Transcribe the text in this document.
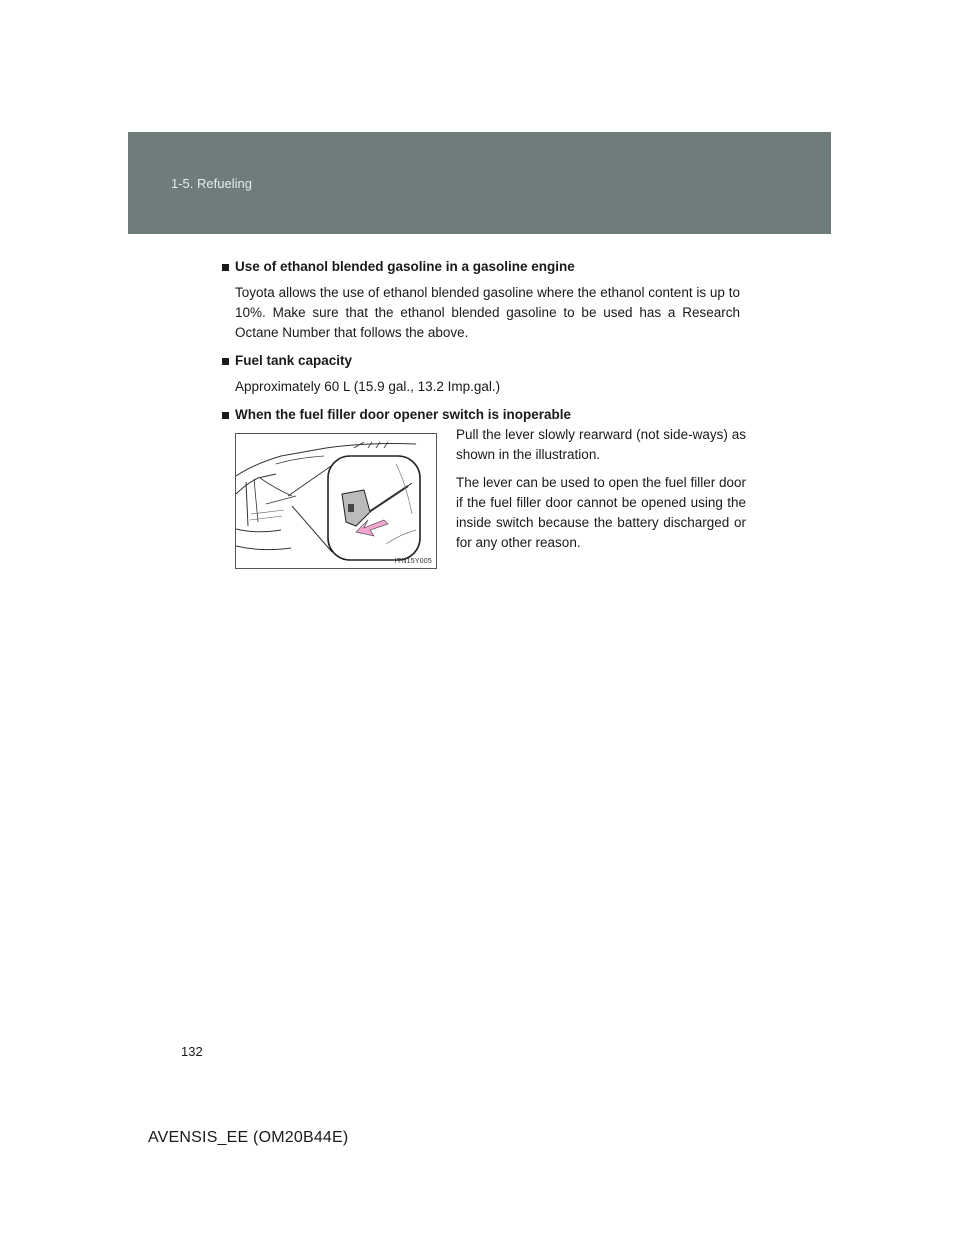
1-5. Refueling
Use of ethanol blended gasoline in a gasoline engine
Toyota allows the use of ethanol blended gasoline where the ethanol content is up to 10%. Make sure that the ethanol blended gasoline to be used has a Research Octane Number that follows the above.
Fuel tank capacity
Approximately 60 L (15.9 gal., 13.2 Imp.gal.)
When the fuel filler door opener switch is inoperable
ITN15Y005

Pull the lever slowly rearward (not side-ways) as shown in the illustration.

The lever can be used to open the fuel filler door if the fuel filler door cannot be opened using the inside switch because the battery discharged or for any other reason.

132
AVENSIS_EE (OM20B44E)
